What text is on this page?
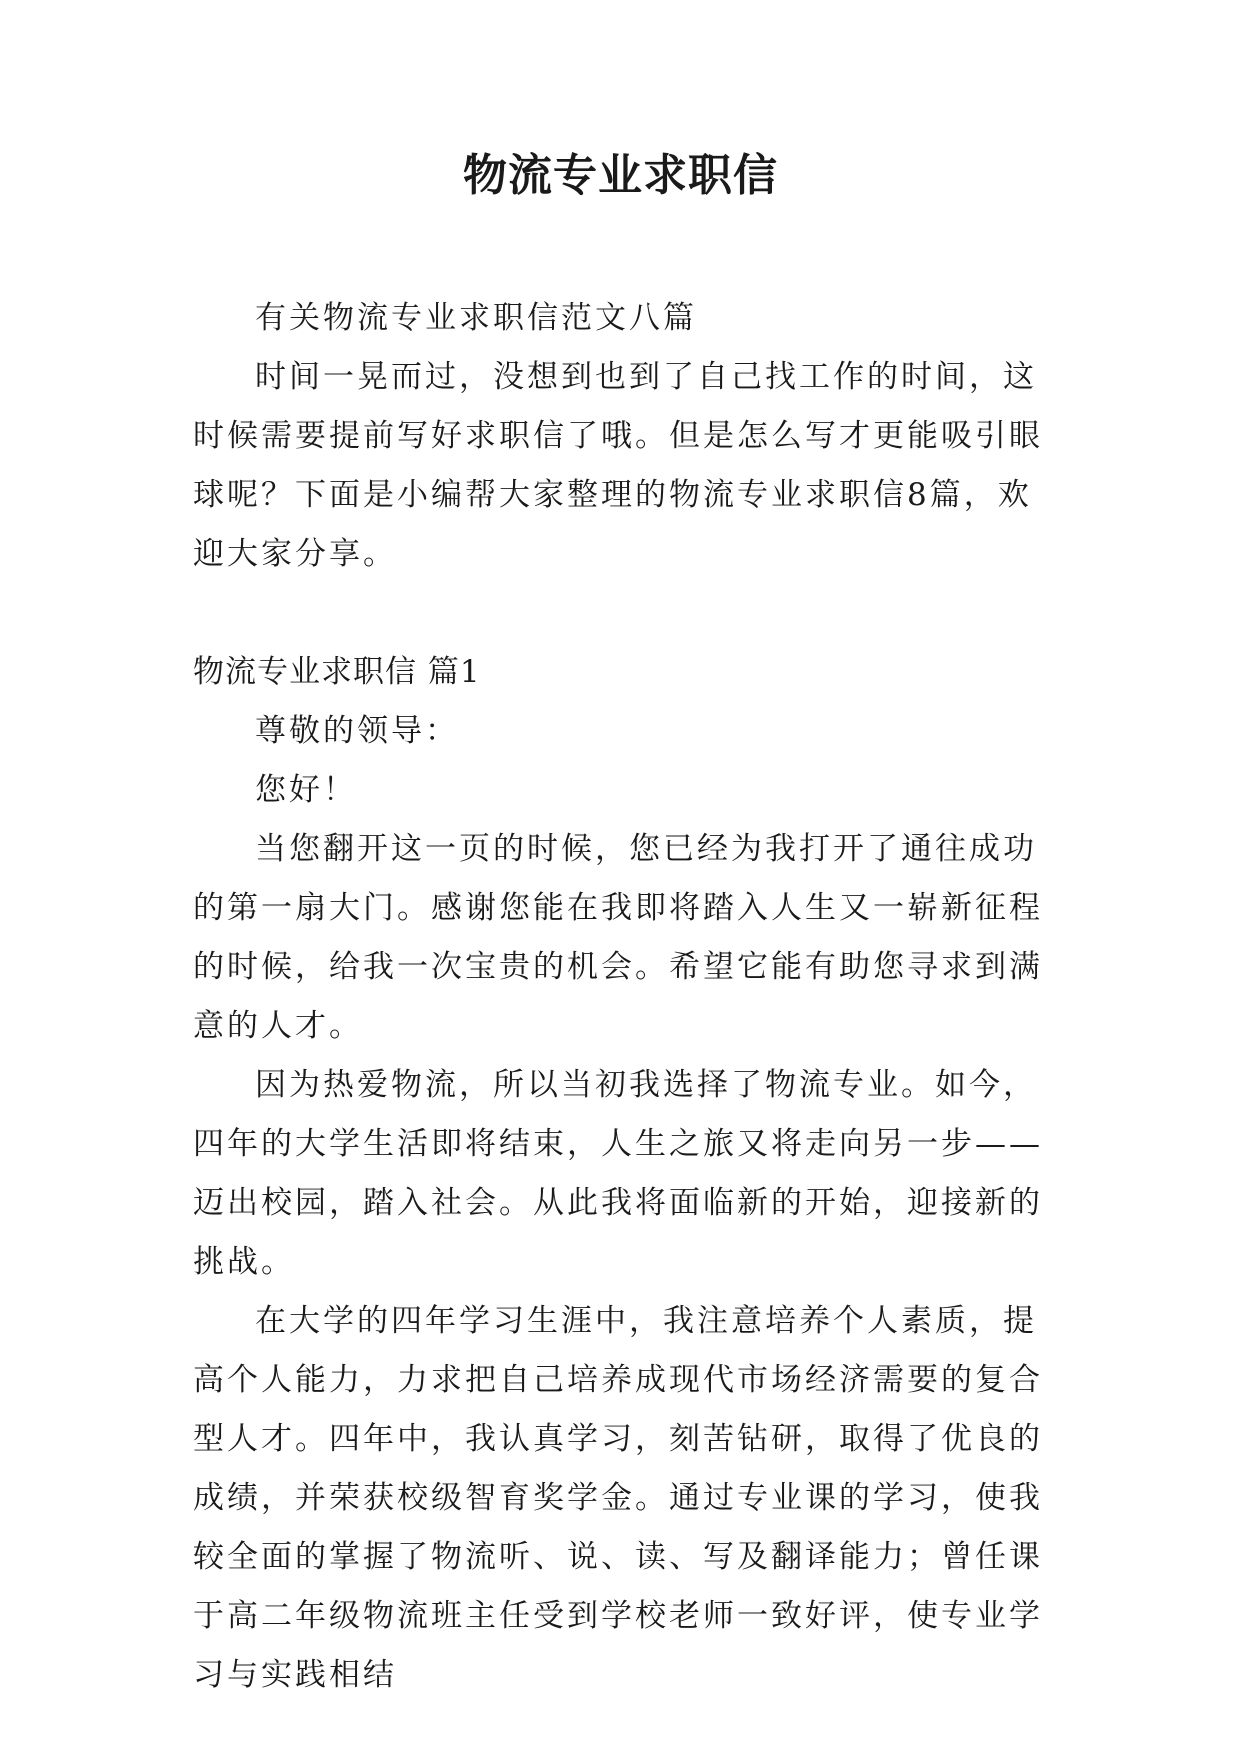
物流专业求职信

有关物流专业求职信范文八篇

时间一晃而过，没想到也到了自己找工作的时间，这时候需要提前写好求职信了哦。但是怎么写才更能吸引眼球呢？下面是小编帮大家整理的物流专业求职信8篇，欢迎大家分享。

物流专业求职信 篇1

尊敬的领导：

您好！

当您翻开这一页的时候，您已经为我打开了通往成功的第一扇大门。感谢您能在我即将踏入人生又一崭新征程的时候，给我一次宝贵的机会。希望它能有助您寻求到满意的人才。

因为热爱物流，所以当初我选择了物流专业。如今，四年的大学生活即将结束，人生之旅又将走向另一步——迈出校园，踏入社会。从此我将面临新的开始，迎接新的挑战。

在大学的四年学习生涯中，我注意培养个人素质，提高个人能力，力求把自己培养成现代市场经济需要的复合型人才。四年中，我认真学习，刻苦钻研，取得了优良的成绩，并荣获校级智育奖学金。通过专业课的学习，使我较全面的掌握了物流听、说、读、写及翻译能力；曾任课于高二年级物流班主任受到学校老师一致好评，使专业学习与实践相结
